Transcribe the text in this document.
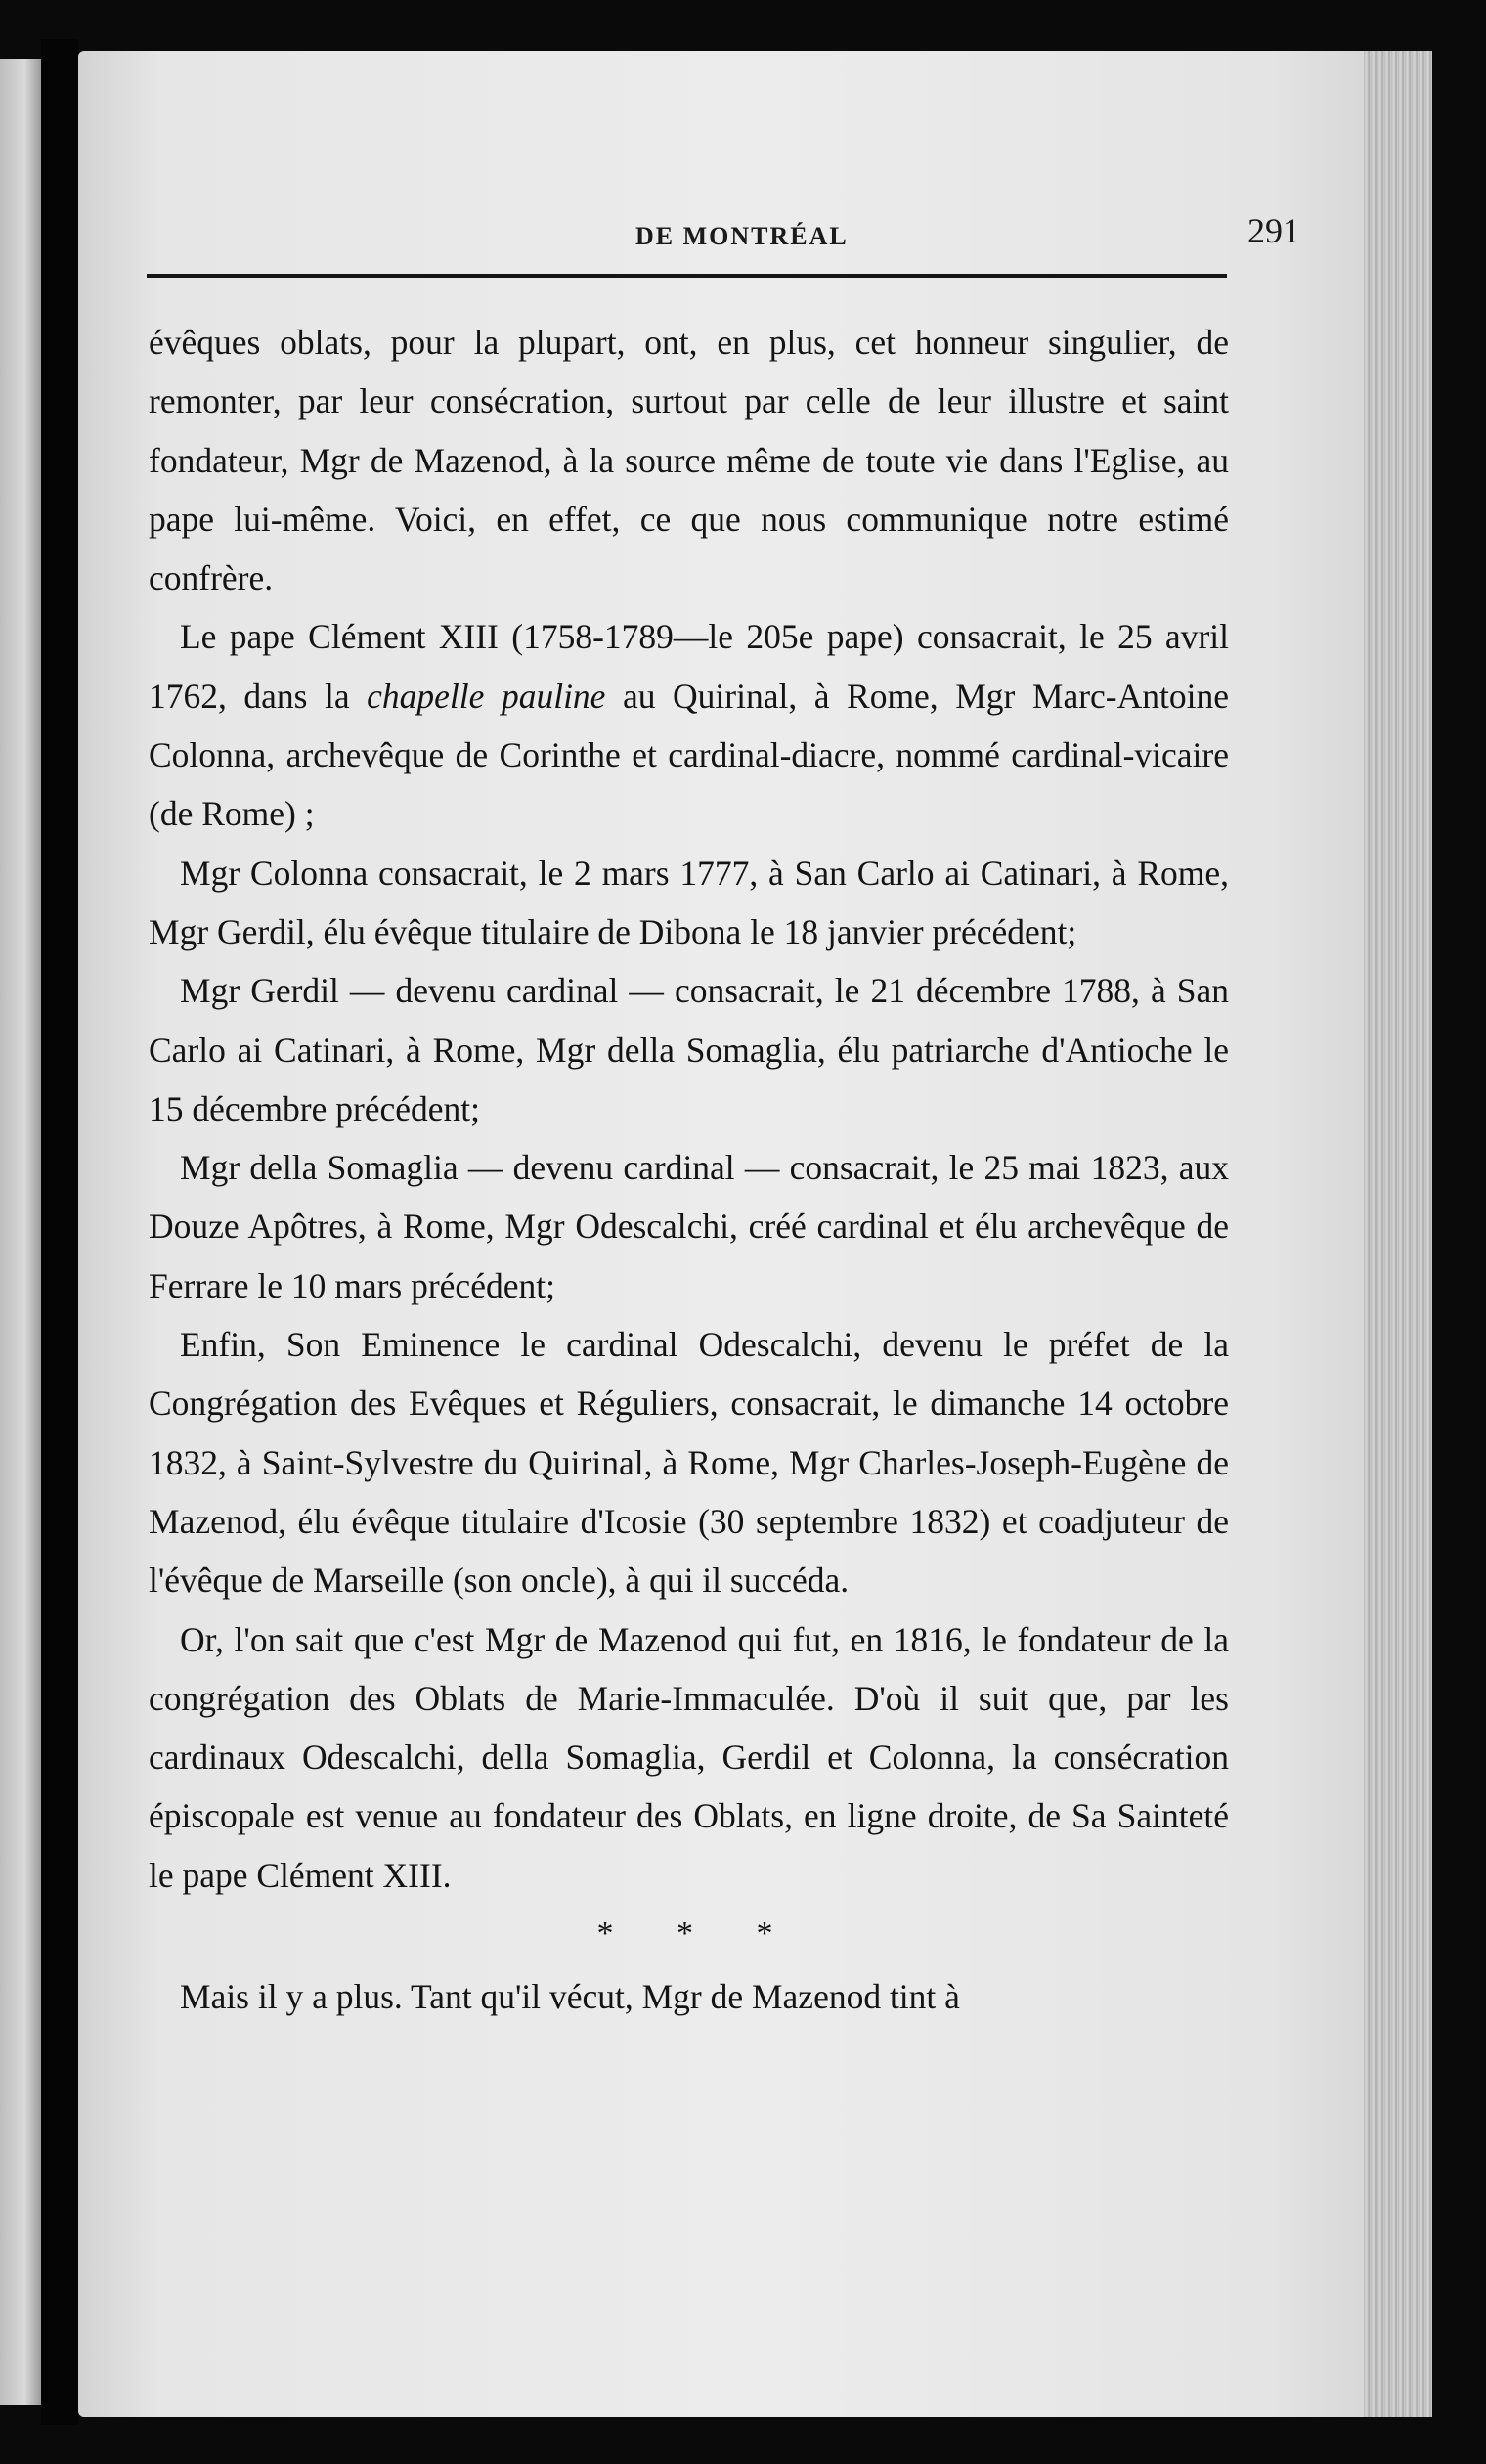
DE MONTRÉAL	291

évêques oblats, pour la plupart, ont, en plus, cet honneur singulier, de remonter, par leur consécration, surtout par celle de leur illustre et saint fondateur, Mgr de Mazenod, à la source même de toute vie dans l'Eglise, au pape lui-même. Voici, en effet, ce que nous communique notre estimé confrère.

Le pape Clément XIII (1758-1789—le 205e pape) consacrait, le 25 avril 1762, dans la chapelle pauline au Quirinal, à Rome, Mgr Marc-Antoine Colonna, archevêque de Corinthe et cardinal-diacre, nommé cardinal-vicaire (de Rome) ;

Mgr Colonna consacrait, le 2 mars 1777, à San Carlo ai Catinari, à Rome, Mgr Gerdil, élu évêque titulaire de Dibona le 18 janvier précédent;

Mgr Gerdil — devenu cardinal — consacrait, le 21 décembre 1788, à San Carlo ai Catinari, à Rome, Mgr della Somaglia, élu patriarche d'Antioche le 15 décembre précédent;

Mgr della Somaglia — devenu cardinal — consacrait, le 25 mai 1823, aux Douze Apôtres, à Rome, Mgr Odescalchi, créé cardinal et élu archevêque de Ferrare le 10 mars précédent;

Enfin, Son Eminence le cardinal Odescalchi, devenu le préfet de la Congrégation des Evêques et Réguliers, consacrait, le dimanche 14 octobre 1832, à Saint-Sylvestre du Quirinal, à Rome, Mgr Charles-Joseph-Eugène de Mazenod, élu évêque titulaire d'Icosie (30 septembre 1832) et coadjuteur de l'évêque de Marseille (son oncle), à qui il succéda.

Or, l'on sait que c'est Mgr de Mazenod qui fut, en 1816, le fondateur de la congrégation des Oblats de Marie-Immaculée. D'où il suit que, par les cardinaux Odescalchi, della Somaglia, Gerdil et Colonna, la consécration épiscopale est venue au fondateur des Oblats, en ligne droite, de Sa Sainteté le pape Clément XIII.

* * *

Mais il y a plus. Tant qu'il vécut, Mgr de Mazenod tint à
